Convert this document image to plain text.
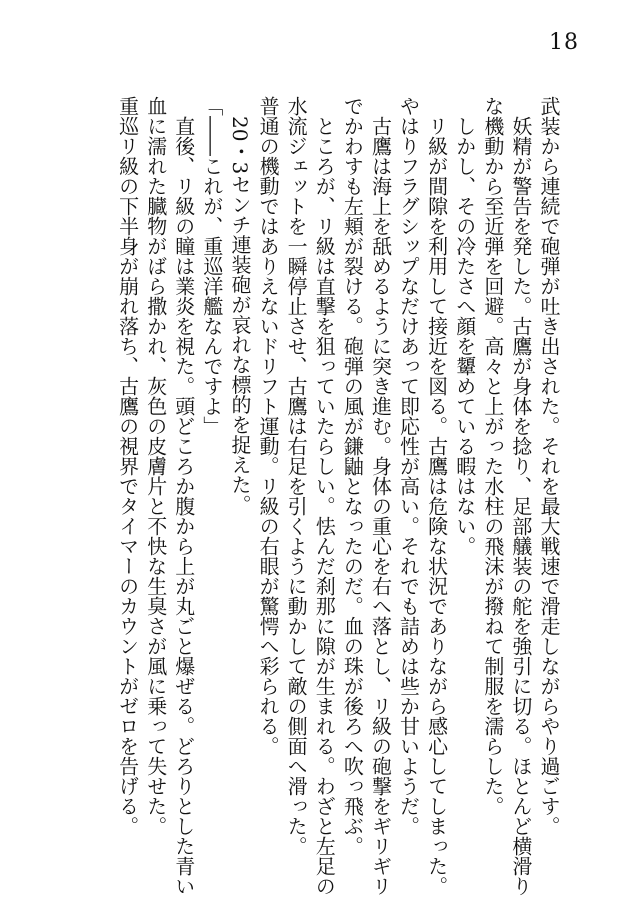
18
武装から連続で砲弾が吐き出された。それを最大戦速で滑走しながらやり過ごす。
妖精が警告を発した。古鷹が身体を捻り、足部艤装の舵を強引に切る。ほとんど横滑り
な機動から至近弾を回避。高々と上がった水柱の飛沫が撥ねて制服を濡らした。
しかし、その冷たさへ顔を顰めている暇はない。
リ級が間隙を利用して接近を図る。古鷹は危険な状況でありながら感心してしまった。
やはりフラグシップなだけあって即応性が高い。それでも詰めは些か甘いようだ。
古鷹は海上を舐めるように突き進む。身体の重心を右へ落とし、リ級の砲撃をギリギリ
でかわすも左頬が裂ける。砲弾の風が鎌鼬となったのだ。血の珠が後ろへ吹っ飛ぶ。
ところが、リ級は直撃を狙っていたらしい。怯んだ刹那に隙が生まれる。わざと左足の
水流ジェットを一瞬停止させ、古鷹は右足を引くように動かして敵の側面へ滑った。
普通の機動ではありえないドリフト運動。リ級の右眼が驚愕へ彩られる。
20・3センチ連装砲が哀れな標的を捉えた。
「――これが、重巡洋艦なんですよ」
直後、リ級の瞳は業炎を視た。頭どころか腹から上が丸ごと爆ぜる。どろりとした青い
血に濡れた臓物がばら撒かれ、灰色の皮膚片と不快な生臭さが風に乗って失せた。
重巡リ級の下半身が崩れ落ち、古鷹の視界でタイマーのカウントがゼロを告げる。
